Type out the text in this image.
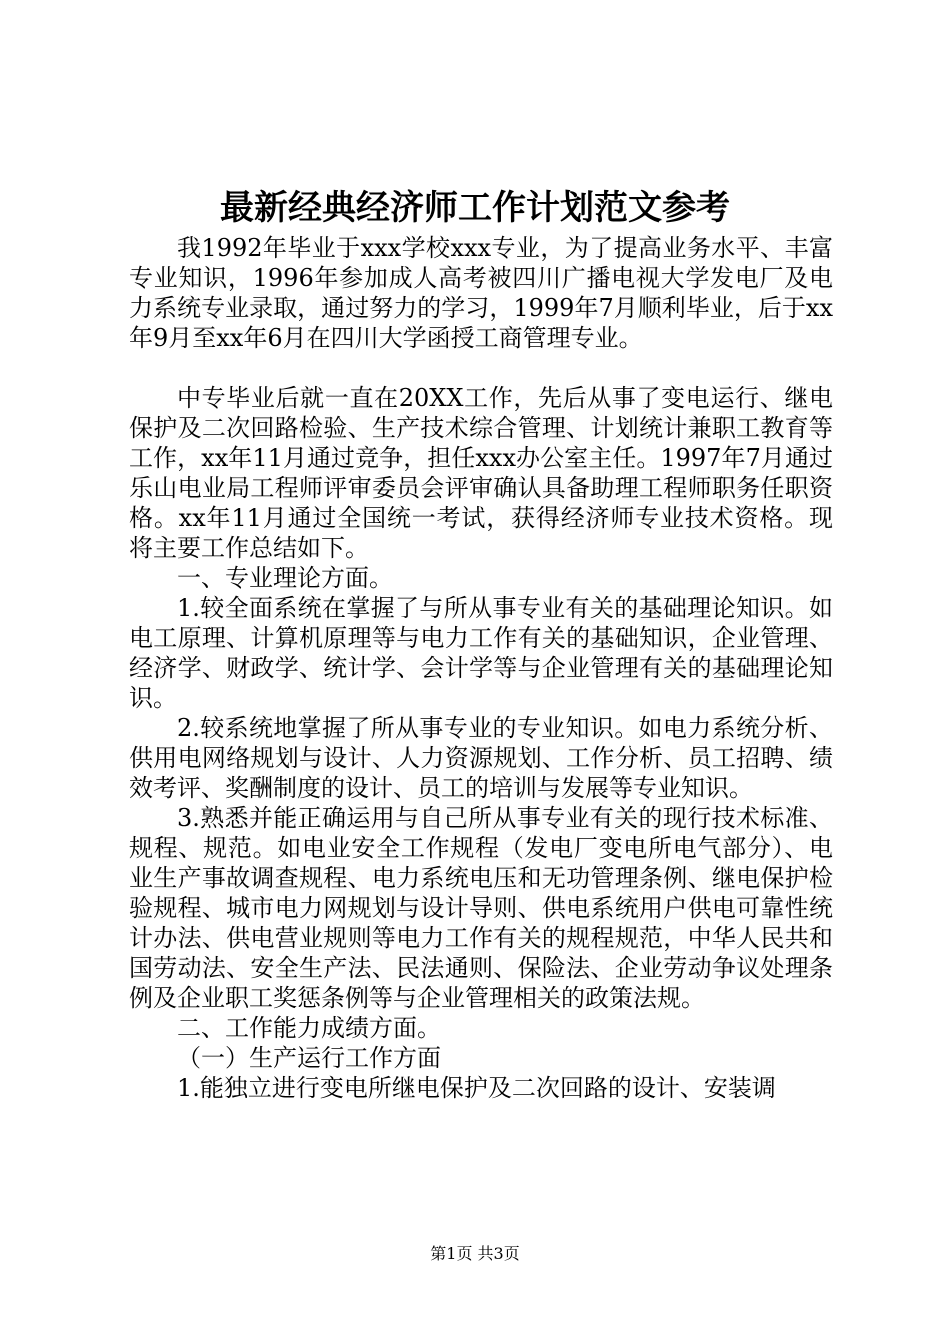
最新经典经济师工作计划范文参考

我1992年毕业于xxx学校xxx专业，为了提高业务水平、丰富专业知识，1996年参加成人高考被四川广播电视大学发电厂及电力系统专业录取，通过努力的学习，1999年7月顺利毕业，后于xx年9月至xx年6月在四川大学函授工商管理专业。

中专毕业后就一直在20XX工作，先后从事了变电运行、继电保护及二次回路检验、生产技术综合管理、计划统计兼职工教育等工作，xx年11月通过竞争，担任xxx办公室主任。1997年7月通过乐山电业局工程师评审委员会评审确认具备助理工程师职务任职资格。xx年11月通过全国统一考试，获得经济师专业技术资格。现将主要工作总结如下。

一、专业理论方面。

1.较全面系统在掌握了与所从事专业有关的基础理论知识。如电工原理、计算机原理等与电力工作有关的基础知识，企业管理、经济学、财政学、统计学、会计学等与企业管理有关的基础理论知识。

2.较系统地掌握了所从事专业的专业知识。如电力系统分析、供用电网络规划与设计、人力资源规划、工作分析、员工招聘、绩效考评、奖酬制度的设计、员工的培训与发展等专业知识。

3.熟悉并能正确运用与自己所从事专业有关的现行技术标准、规程、规范。如电业安全工作规程（发电厂变电所电气部分）、电业生产事故调查规程、电力系统电压和无功管理条例、继电保护检验规程、城市电力网规划与设计导则、供电系统用户供电可靠性统计办法、供电营业规则等电力工作有关的规程规范，中华人民共和国劳动法、安全生产法、民法通则、保险法、企业劳动争议处理条例及企业职工奖惩条例等与企业管理相关的政策法规。

二、工作能力成绩方面。

（一）生产运行工作方面

1.能独立进行变电所继电保护及二次回路的设计、安装调

第1页 共3页
